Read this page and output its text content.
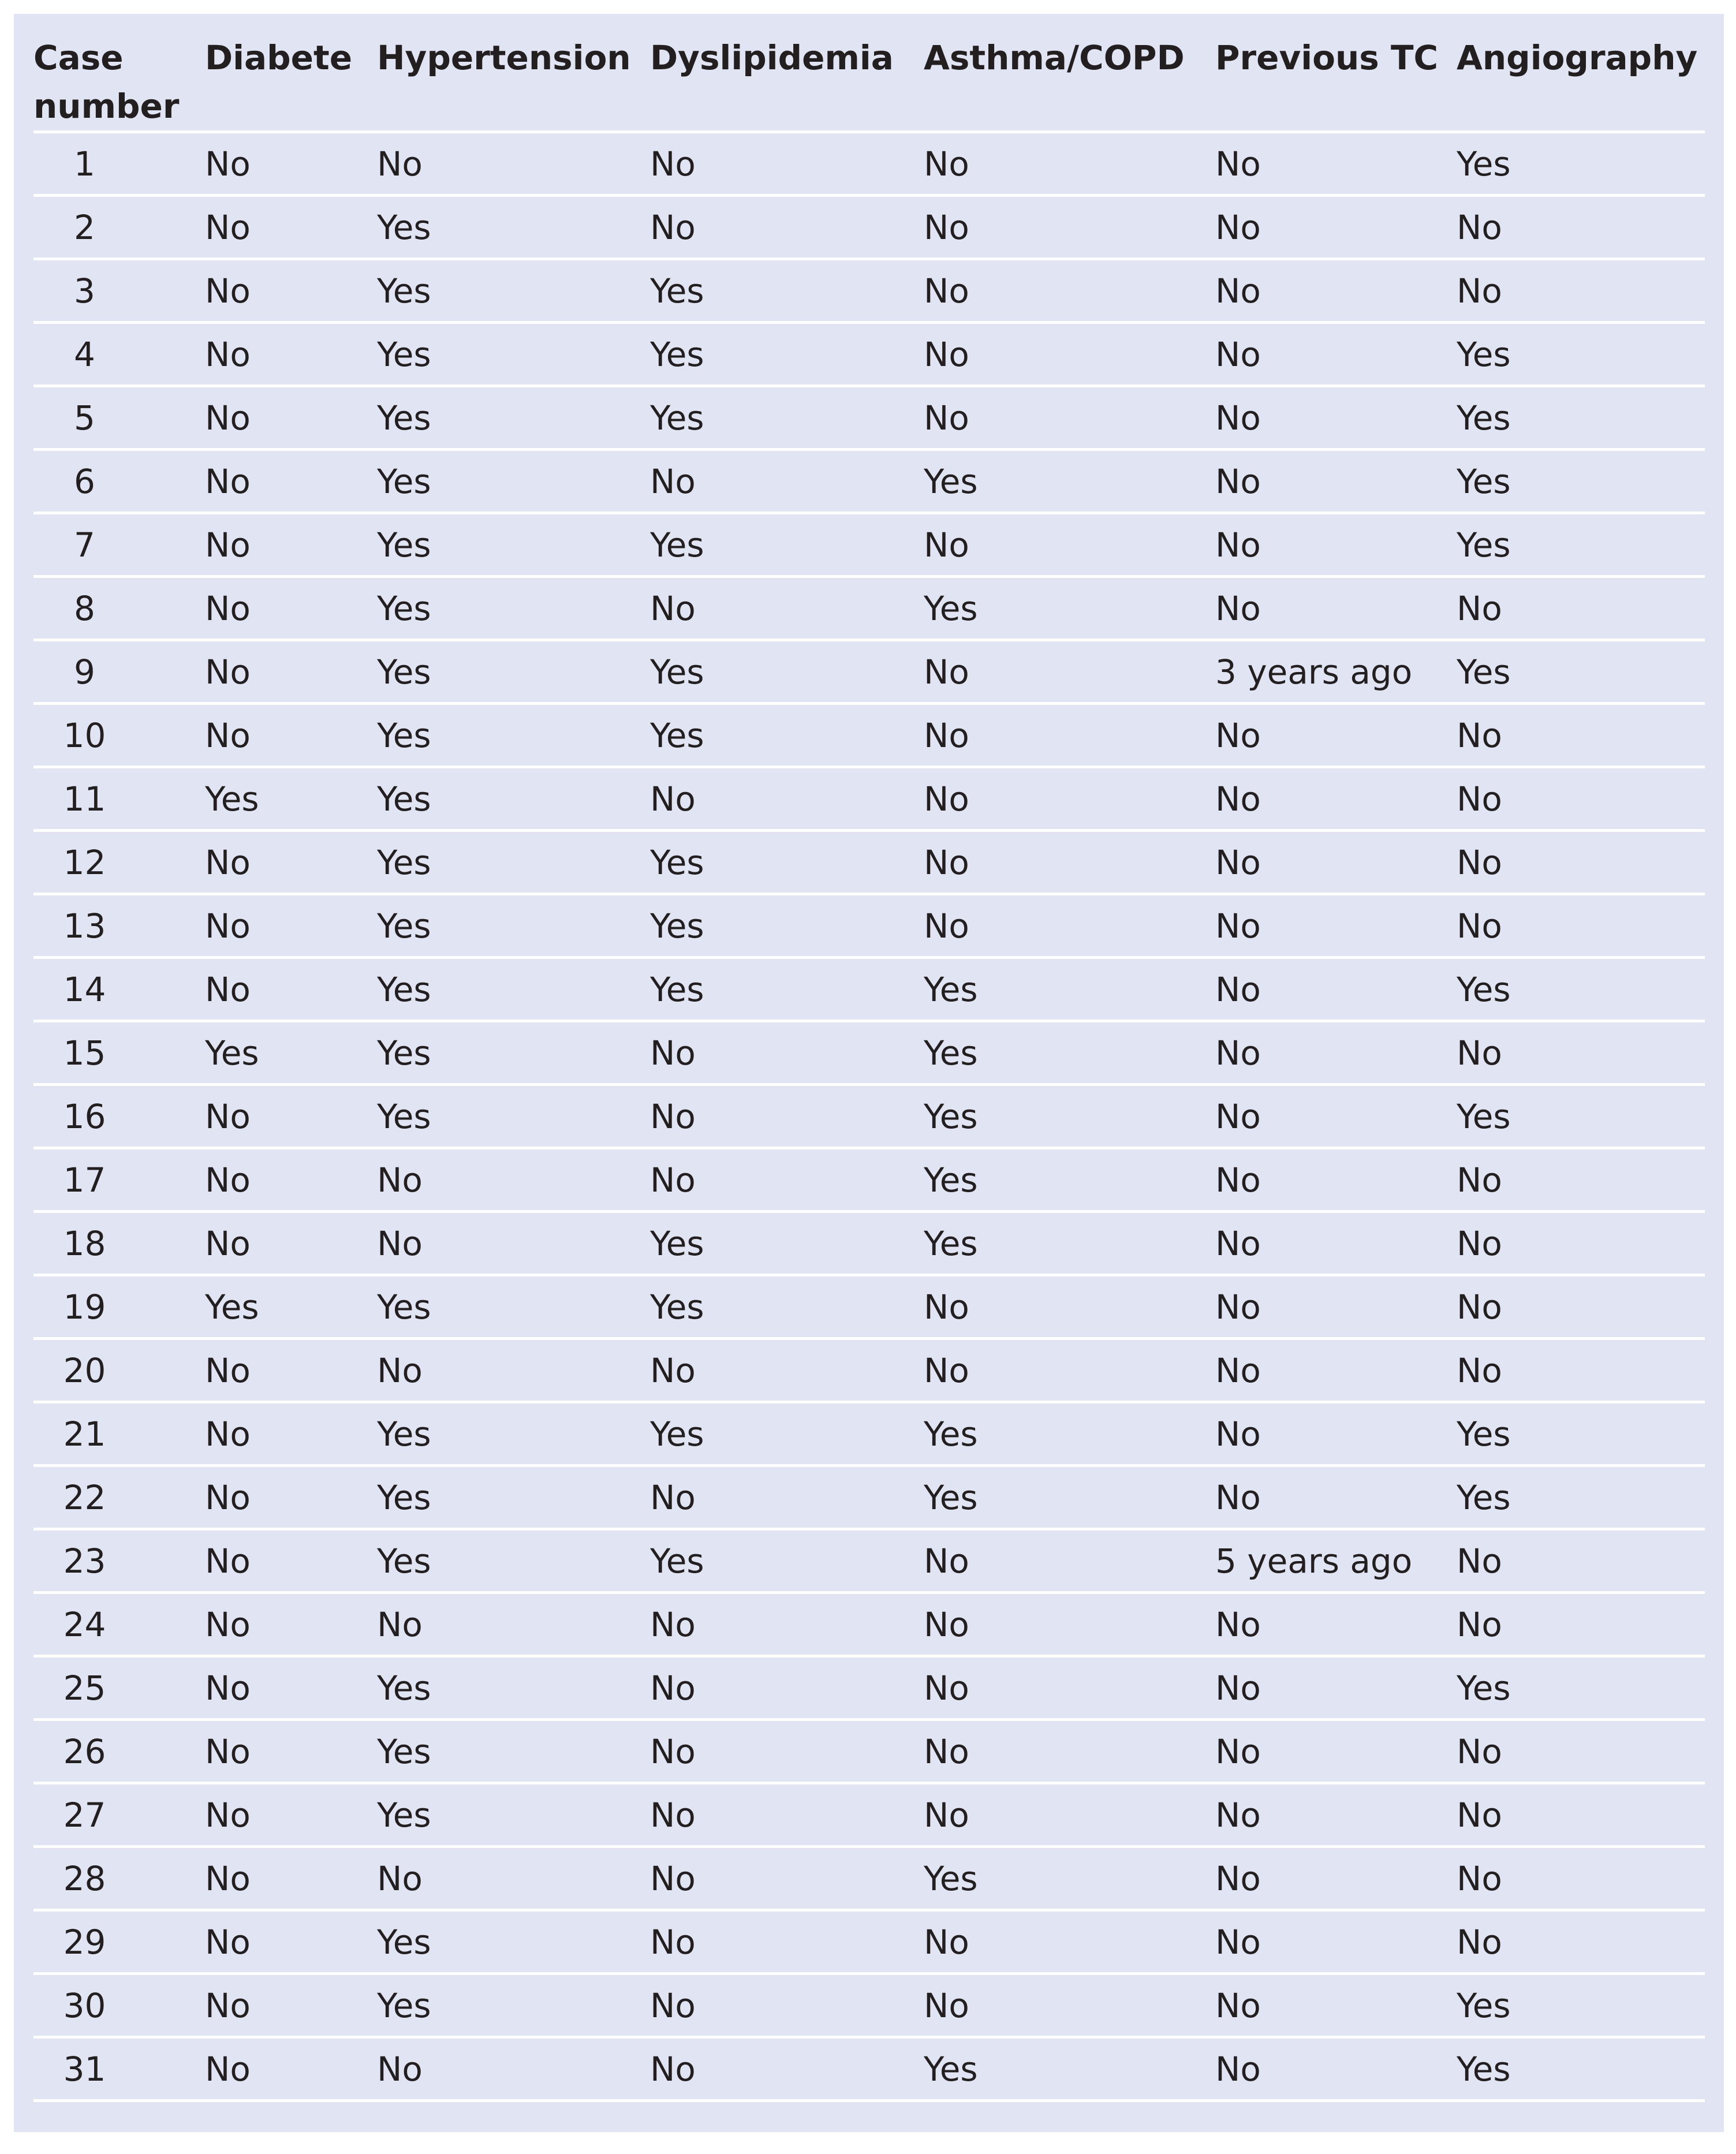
Case
number	Diabete	Hypertension	Dyslipidemia	Asthma/COPD	Previous TC	Angiography

1	No	No	No	No	No	Yes
2	No	Yes	No	No	No	No
3	No	Yes	Yes	No	No	No
4	No	Yes	Yes	No	No	Yes
5	No	Yes	Yes	No	No	Yes
6	No	Yes	No	Yes	No	Yes
7	No	Yes	Yes	No	No	Yes
8	No	Yes	No	Yes	No	No
9	No	Yes	Yes	No	3 years ago	Yes
10	No	Yes	Yes	No	No	No
11	Yes	Yes	No	No	No	No
12	No	Yes	Yes	No	No	No
13	No	Yes	Yes	No	No	No
14	No	Yes	Yes	Yes	No	Yes
15	Yes	Yes	No	Yes	No	No
16	No	Yes	No	Yes	No	Yes
17	No	No	No	Yes	No	No
18	No	No	Yes	Yes	No	No
19	Yes	Yes	Yes	No	No	No
20	No	No	No	No	No	No
21	No	Yes	Yes	Yes	No	Yes
22	No	Yes	No	Yes	No	Yes
23	No	Yes	Yes	No	5 years ago	No
24	No	No	No	No	No	No
25	No	Yes	No	No	No	Yes
26	No	Yes	No	No	No	No
27	No	Yes	No	No	No	No
28	No	No	No	Yes	No	No
29	No	Yes	No	No	No	No
30	No	Yes	No	No	No	Yes
31	No	No	No	Yes	No	Yes
